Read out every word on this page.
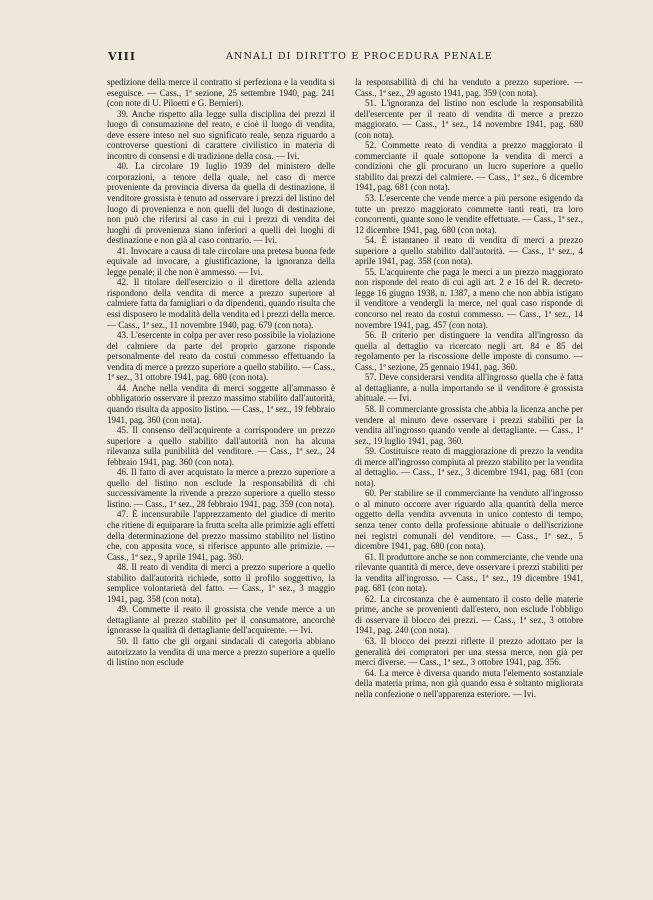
VIII	ANNALI DI DIRITTO E PROCEDURA PENALE

spedizione della merce il contratto si perfeziona e la vendita si eseguisce. — Cass., 1ª sezione, 25 settembre 1940, pag. 241 (con note di U. Piloetti e G. Bernieri).

39. Anche rispetto alla legge sulla disciplina dei prezzi il luogo di consumazione del reato, e cioè il luogo di vendita, deve essere inteso nel suo significato reale, senza riguardo a controverse questioni di carattere civilistico in materia di incontro di consensi e di tradizione della cosa. — Ivi.

40. La circolare 19 luglio 1939 del ministero delle corporazioni, a tenore della quale, nel caso di merce proveniente da provincia diversa da quella di destinazione, il venditore grossista è tenuto ad osservare i prezzi del listino del luogo di provenienza e non quelli del luogo di destinazione, non può che riferirsi al caso in cui i prezzi di vendita dei luoghi di provenienza siano inferiori a quelli dei luoghi di destinazione e non già al caso contrario. — Ivi.

41. Invocare a causa di tale circolare una pretesa buona fede equivale ad invocare, a giustificazione, la ignoranza della legge penale; il che non è ammesso. — Ivi.

42. Il titolare dell'esercizio o il direttore della azienda rispondono della vendita di merce a prezzo superiore al calmiere fatta da famigliari o da dipendenti, quando risulta che essi disposero le modalità della vendita ed i prezzi della merce. — Cass., 1ª sez., 11 novembre 1940, pag. 679 (con nota).

43. L'esercente in colpa per aver reso possibile la violazione del calmiere da parte del proprio garzone risponde personalmente del reato da costui commesso effettuando la vendita di merce a prezzo superiore a quello stabilito. — Cass., 1ª sez., 31 ottobre 1941, pag. 680 (con nota).

44. Anche nella vendita di merci soggette all'ammasso è obbligatorio osservare il prezzo massimo stabilito dall'autorità, quando risulta da apposito listino. — Cass., 1ª sez., 19 febbraio 1941, pag. 360 (con nota).

45. Il consenso dell'acquirente a corrispondere un prezzo superiore a quello stabilito dall'autorità non ha alcuna rilevanza sulla punibilità del venditore. — Cass., 1ª sez., 24 febbraio 1941, pag. 360 (con nota).

46. Il fatto di aver acquistato la merce a prezzo superiore a quello del listino non esclude la responsabilità di chi successivamente la rivende a prezzo superiore a quello stesso listino. — Cass., 1ª sez., 28 febbraio 1941, pag. 359 (con nota).

47. È incensurabile l'apprezzamento del giudice di merito che ritiene di equiparare la frutta scelta alle primizie agli effetti della determinazione del prezzo massimo stabilito nel listino che, con apposita voce, si riferisce appunto alle primizie. — Cass., 1ª sez., 9 aprile 1941, pag. 360.

48. Il reato di vendita di merci a prezzo superiore a quello stabilito dall'autorità richiede, sotto il profilo soggettivo, la semplice volontarietà del fatto. — Cass., 1ª sez., 3 maggio 1941, pag. 358 (con nota).

49. Commette il reato il grossista che vende merce a un dettagliante al prezzo stabilito per il consumatore, ancorchè ignorasse la qualità di dettagliante dell'acquirente. — Ivi.

50. Il fatto che gli organi sindacali di categoria abbiano autorizzato la vendita di una merce a prezzo superiore a quello di listino non esclude

la responsabilità di chi ha venduto a prezzo superiore. — Cass., 1ª sez., 29 agosto 1941, pag. 359 (con nota).

51. L'ignoranza del listino non esclude la responsabilità dell'esercente per il reato di vendita di merce a prezzo maggiorato. — Cass., 1ª sez., 14 novembre 1941, pag. 680 (con nota).

52. Commette reato di vendita a prezzo maggiorato il commerciante il quale sottopone la vendita di merci a condizioni che gli procurano un lucro superiore a quello stabilito dai prezzi del calmiere. — Cass., 1ª sez., 6 dicembre 1941, pag. 681 (con nota).

53. L'esercente che vende merce a più persone esigendo da tutte un prezzo maggiorato commette tanti reati, tra loro concorrenti, quante sono le vendite effettuate. — Cass., 1ª sez., 12 dicembre 1941, pag. 680 (con nota).

54. È istantaneo il reato di vendita di merci a prezzo superiore a quello stabilito dall'autorità. — Cass., 1ª sez., 4 aprile 1941, pag. 358 (con nota).

55. L'acquirente che paga le merci a un prezzo maggiorato non risponde del reato di cui agli art. 2 e 16 del R. decreto-legge 16 giugno 1938, n. 1387, a meno che non abbia istigato il venditore a vendergli la merce, nel qual caso risponde di concorso nel reato da costui commesso. — Cass., 1ª sez., 14 novembre 1941, pag. 457 (con nota).

56. Il criterio per distinguere la vendita all'ingrosso da quella al dettaglio va ricercato negli art. 84 e 85 del regolamento per la riscossione delle imposte di consumo. — Cass., 1ª sezione, 25 gennaio 1941, pag. 360.

57. Deve considerarsi vendita all'ingrosso quella che è fatta al dettagliante, a nulla importando se il venditore è grossista abituale. — Ivi.

58. Il commerciante grossista che abbia la licenza anche per vendere al minuto deve osservare i prezzi stabiliti per la vendita all'ingrosso quando vende al dettagliante. — Cass., 1ª sez., 19 luglio 1941, pag. 360.

59. Costituisce reato di maggiorazione di prezzo la vendita di merce all'ingrosso compiuta al prezzo stabilito per la vendita al dettaglio. — Cass., 1ª sez., 3 dicembre 1941, pag. 681 (con nota).

60. Per stabilire se il commerciante ha venduto all'ingrosso o al minuto occorre aver riguardo alla quantità della merce oggetto della vendita avvenuta in unico contesto di tempo, senza tener conto della professione abituale o dell'iscrizione nei registri comunali del venditore. — Cass., 1ª sez., 5 dicembre 1941, pag. 680 (con nota).

61. Il produttore anche se non commerciante, che vende una rilevante quantità di merce, deve osservare i prezzi stabiliti per la vendita all'ingrosso. — Cass., 1ª sez., 19 dicembre 1941, pag. 681 (con nota).

62. La circostanza che è aumentato il costo delle materie prime, anche se provenienti dall'estero, non esclude l'obbligo di osservare il blocco dei prezzi. — Cass., 1ª sez., 3 ottobre 1941, pag. 240 (con nota).

63. Il blocco dei prezzi riflette il prezzo adottato per la generalità dei compratori per una stessa merce, non già per merci diverse. — Cass., 1ª sez., 3 ottobre 1941, pag. 356.

64. La merce è diversa quando muta l'elemento sostanziale della materia prima, non già quando essa è soltanto migliorata nella confezione o nell'apparenza esteriore. — Ivi.
